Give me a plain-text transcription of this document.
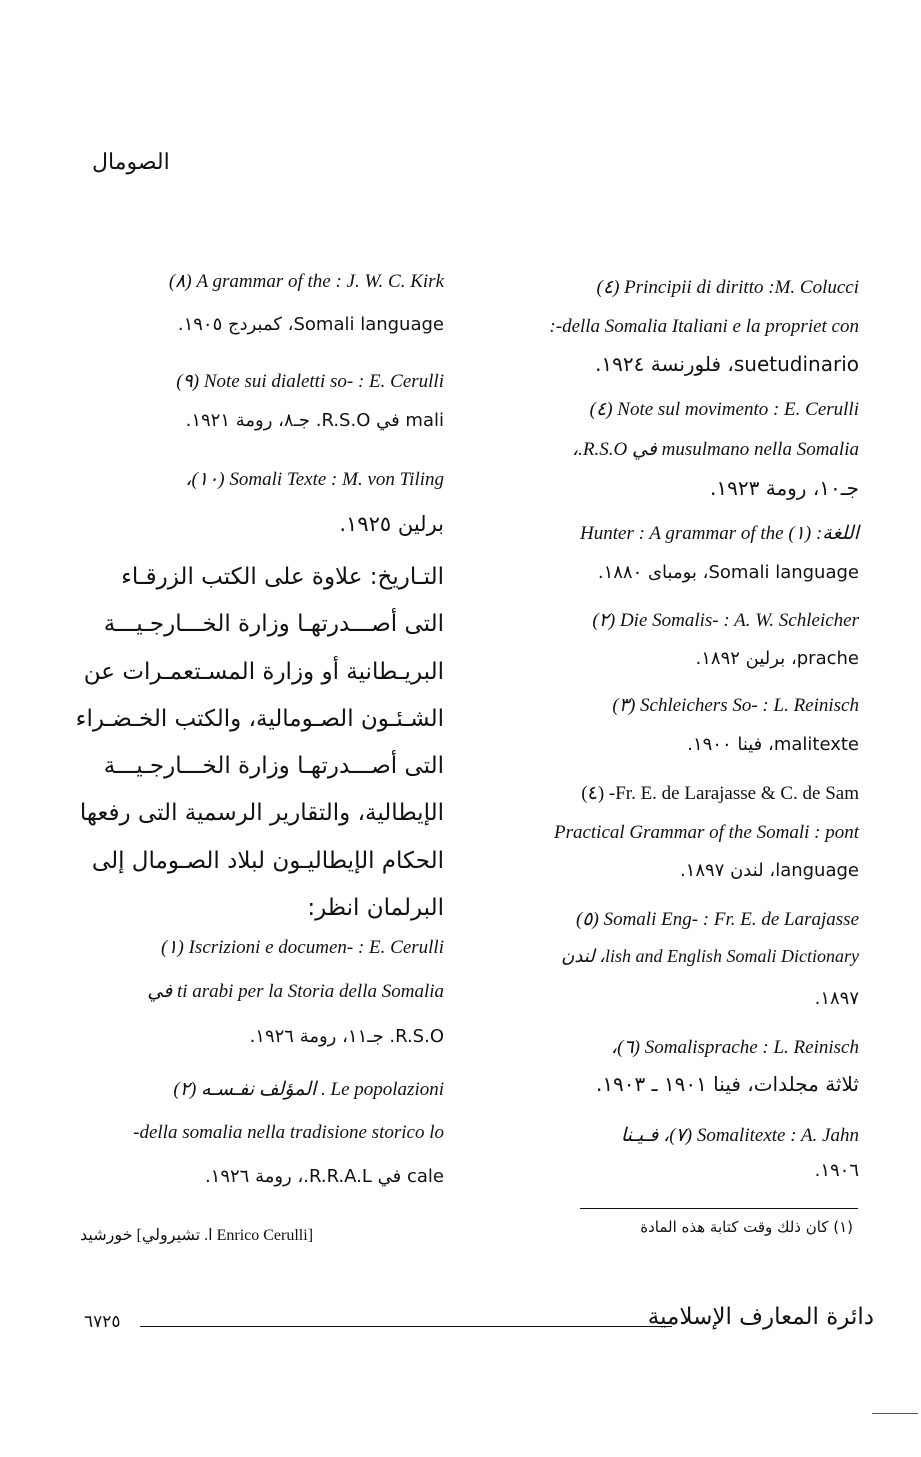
الصومال
Principii di diritto :M. Colucci (٤)
della Somalia Italiani e la propriet con-:
suetudinario، فلورنسة ١٩٢٤.
Note sul movimento : E. Cerulli (٤)
musulmano nella Somalia في R.S.O.،
جـ١٠، رومة ١٩٢٣.
اللغة: (١) Hunter : A grammar of the
Somali language، بومباى ١٨٨٠.
Die Somalis- : A. W. Schleicher (٢)
prache، برلين ١٨٩٢.
Schleichers So- : L. Reinisch (٣)
malitexte، فينا ١٩٠٠.
Fr. E. de Larajasse & C. de Sam- (٤)
Practical Grammar of the Somali : pont
language، لندن ١٨٩٧.
Somali Eng- : Fr. E. de Larajasse (٥)
lish and English Somali Dictionary، لندن
١٨٩٧.
Somalisprache : L. Reinisch (٦)،
ثلاثة مجلدات، فينا ١٩٠١ ـ ١٩٠٣.
Somalitexte : A. Jahn (٧)، فـيـنا
١٩٠٦.
A grammar of the : J. W. C. Kirk (٨)
Somali language، كمبردج ١٩٠٥.
Note sui dialetti so- : E. Cerulli (٩)
mali في R.S.O. جـ٨، رومة ١٩٢١.
Somali Texte : M. von Tiling (١٠)،
برلين ١٩٢٥.
التـاريخ: علاوة على الكتب الزرقـاء
التى أصـــدرتهـا وزارة الخـــارجـيـــة
البريـطانية أو وزارة المسـتعمـرات عن
الشـئـون الصـومالية، والكتب الخـضـراء
التى أصـــدرتهـا وزارة الخـــارجـيـــة
الإيطالية، والتقارير الرسمية التى رفعها
الحكام الإيطاليـون لبلاد الصـومال إلى
البرلمان انظر:
Iscrizioni e documen- : E. Cerulli (١)
ti arabi per la Storia della Somalia في
R.S.O. جـ١١، رومة ١٩٢٦.
Le popolazioni . المؤلف نفـسـه (٢)
della somalia nella tradisione storico lo-
cale في R.R.A.L.، رومة ١٩٢٦.
(١) كان ذلك وقت كتابة هذه المادة
خورشيد [ا. تشيرولي Enrico Cerulli]
٦٧٢٥	دائرة المعارف الإسلامية
